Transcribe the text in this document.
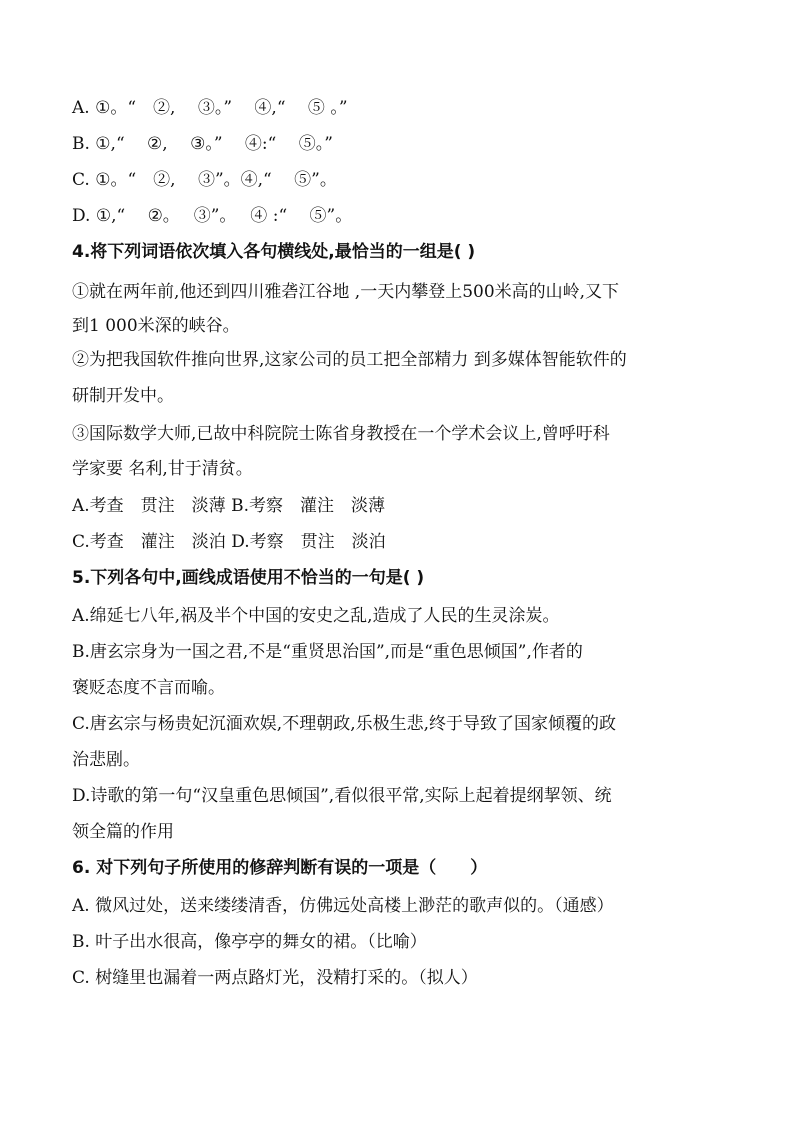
A. ①。“　②,　 ③。”　 ④,“　 ⑤ 。”
B. ①,“　 ②,　 ③。”　 ④:“　 ⑤。”
C. ①。“　②,　 ③”。④,“　 ⑤”。
D. ①,“　 ②。　 ③”。　 ④ :“　 ⑤”。
4.将下列词语依次填入各句横线处,最恰当的一组是( )
①就在两年前,他还到四川雅砻江谷地 ,一天内攀登上500米高的山岭,又下
到1 000米深的峡谷。
②为把我国软件推向世界,这家公司的员工把全部精力 到多媒体智能软件的
研制开发中。
③国际数学大师,已故中科院院士陈省身教授在一个学术会议上,曾呼吁科
学家要 名利,甘于清贫。
A.考查　贯注　淡薄 B.考察　灌注　淡薄
C.考查　灌注　淡泊 D.考察　贯注　淡泊
5.下列各句中,画线成语使用不恰当的一句是( )
A.绵延七八年,祸及半个中国的安史之乱,造成了人民的生灵涂炭。
B.唐玄宗身为一国之君,不是“重贤思治国”,而是“重色思倾国”,作者的
褒贬态度不言而喻。
C.唐玄宗与杨贵妃沉湎欢娱,不理朝政,乐极生悲,终于导致了国家倾覆的政
治悲剧。
D.诗歌的第一句“汉皇重色思倾国”,看似很平常,实际上起着提纲挈领、统
领全篇的作用
6. 对下列句子所使用的修辞判断有误的一项是（　　）
A. 微风过处，送来缕缕清香，仿佛远处高楼上渺茫的歌声似的。（通感）
B. 叶子出水很高，像亭亭的舞女的裙。（比喻）
C. 树缝里也漏着一两点路灯光，没精打采的。（拟人）
